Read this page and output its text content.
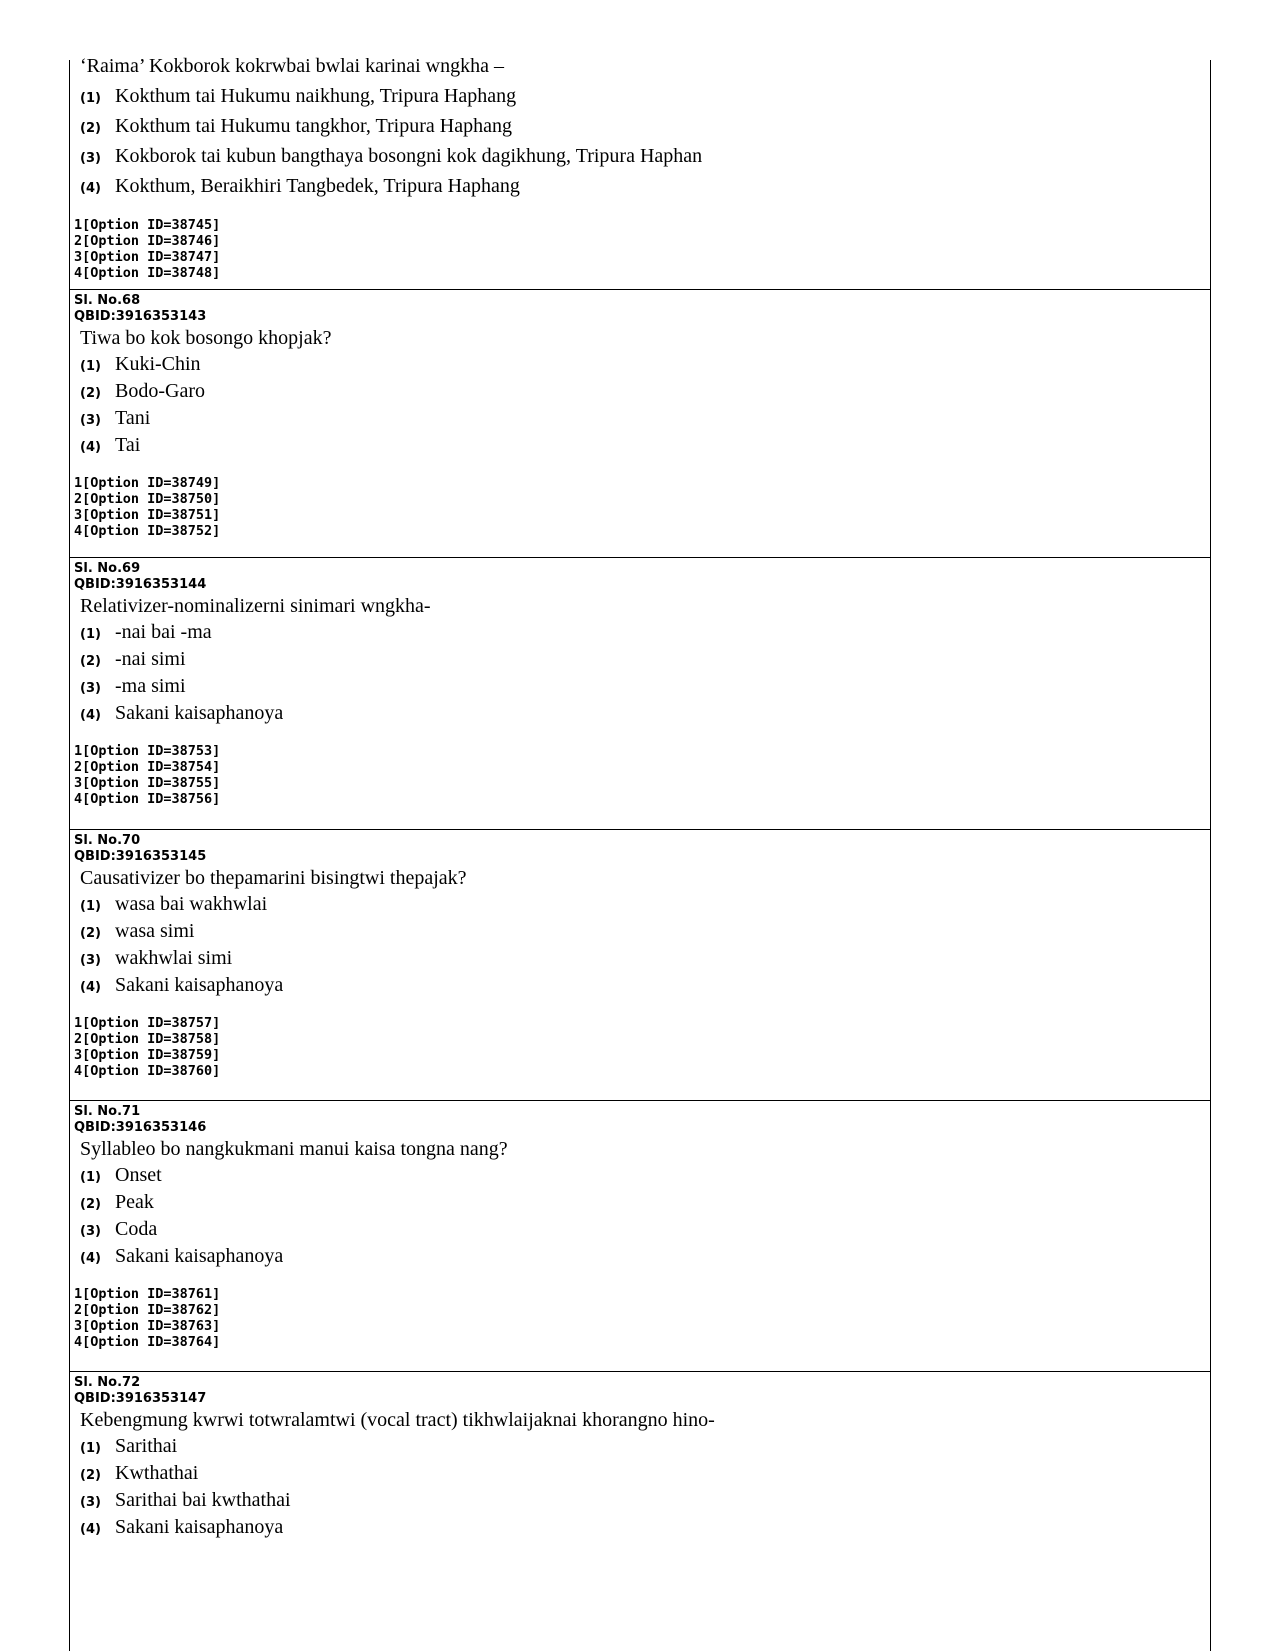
‘Raima’ Kokborok kokrwbai bwlai karinai wngkha –
(1) Kokthum tai Hukumu naikhung, Tripura Haphang
(2) Kokthum tai Hukumu tangkhor, Tripura Haphang
(3) Kokborok tai kubun bangthaya bosongni kok dagikhung, Tripura Haphan
(4) Kokthum, Beraikhiri Tangbedek, Tripura Haphang
1[Option ID=38745]
2[Option ID=38746]
3[Option ID=38747]
4[Option ID=38748]
Sl. No.68
QBID:3916353143
Tiwa bo kok bosongo khopjak?
(1) Kuki-Chin
(2) Bodo-Garo
(3) Tani
(4) Tai
1[Option ID=38749]
2[Option ID=38750]
3[Option ID=38751]
4[Option ID=38752]
Sl. No.69
QBID:3916353144
Relativizer-nominalizerni sinimari wngkha-
(1) -nai bai -ma
(2) -nai simi
(3) -ma simi
(4) Sakani kaisaphanoya
1[Option ID=38753]
2[Option ID=38754]
3[Option ID=38755]
4[Option ID=38756]
Sl. No.70
QBID:3916353145
Causativizer bo thepamarini bisingtwi thepajak?
(1) wasa bai wakhwlai
(2) wasa simi
(3) wakhwlai simi
(4) Sakani kaisaphanoya
1[Option ID=38757]
2[Option ID=38758]
3[Option ID=38759]
4[Option ID=38760]
Sl. No.71
QBID:3916353146
Syllableo bo nangkukmani manui kaisa tongna nang?
(1) Onset
(2) Peak
(3) Coda
(4) Sakani kaisaphanoya
1[Option ID=38761]
2[Option ID=38762]
3[Option ID=38763]
4[Option ID=38764]
Sl. No.72
QBID:3916353147
Kebengmung kwrwi totwralamtwi (vocal tract) tikhwlaijaknai khorangno hino-
(1) Sarithai
(2) Kwthathai
(3) Sarithai bai kwthathai
(4) Sakani kaisaphanoya
